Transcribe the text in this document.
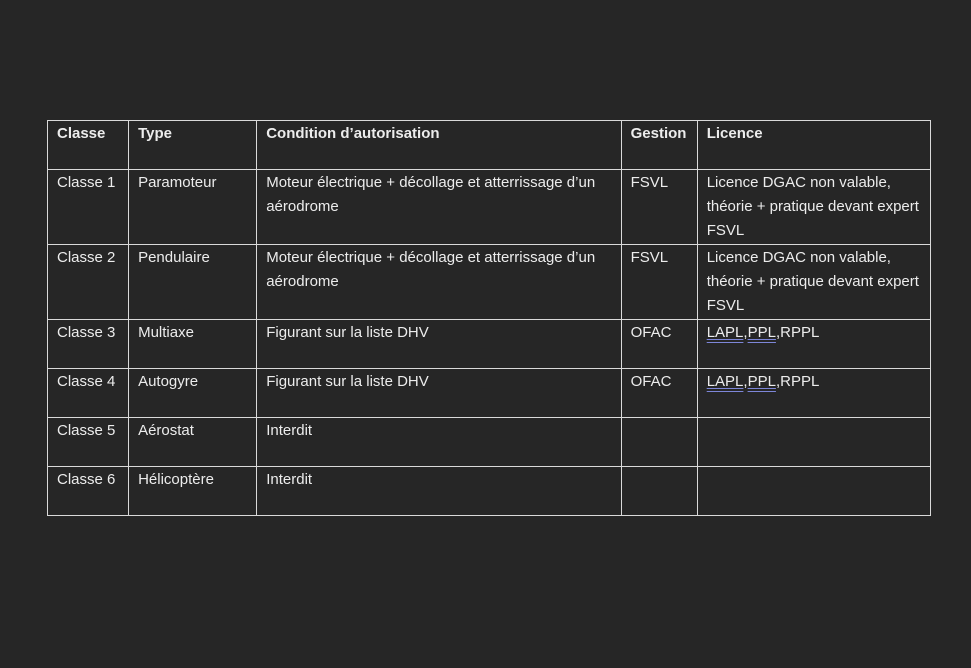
Classe	Type	Condition d’autorisation	Gestion	Licence
Classe 1	Paramoteur	Moteur électrique + décollage et atterrissage d’un aérodrome	FSVL	Licence DGAC non valable, théorie + pratique devant expert FSVL
Classe 2	Pendulaire	Moteur électrique + décollage et atterrissage d’un aérodrome	FSVL	Licence DGAC non valable, théorie + pratique devant expert FSVL
Classe 3	Multiaxe	Figurant sur la liste DHV	OFAC	LAPL,PPL,RPPL
Classe 4	Autogyre	Figurant sur la liste DHV	OFAC	LAPL,PPL,RPPL
Classe 5	Aérostat	Interdit		
Classe 6	Hélicoptère	Interdit		
